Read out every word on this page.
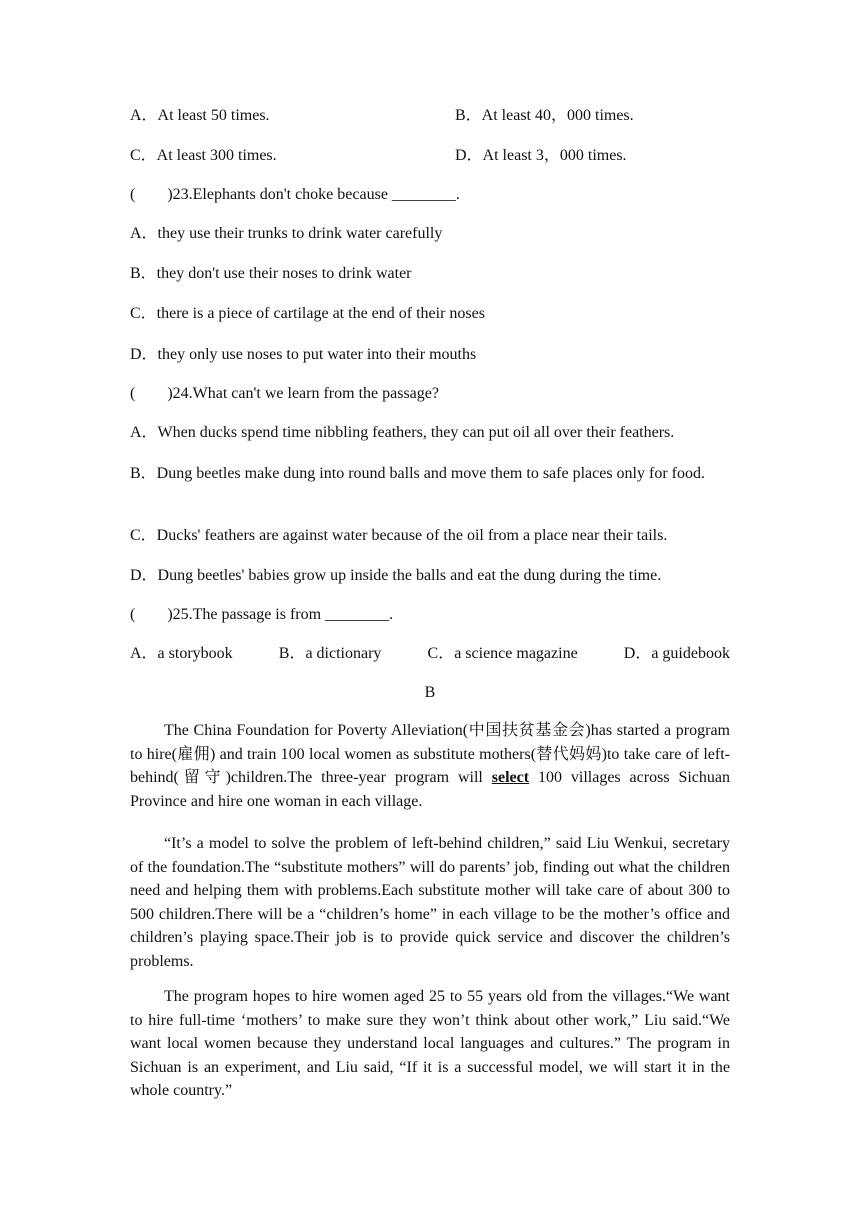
A．At least 50 times.	B．At least 40，000 times.
C．At least 300 times.	D．At least 3，000 times.
(　　)23.Elephants don't choke because ________.
A．they use their trunks to drink water carefully
B．they don't use their noses to drink water
C．there is a piece of cartilage at the end of their noses
D．they only use noses to put water into their mouths
(　　)24.What can't we learn from the passage?
A．When ducks spend time nibbling feathers, they can put oil all over their feathers.
B．Dung beetles make dung into round balls and move them to safe places only for food.
C．Ducks' feathers are against water because of the oil from a place near their tails.
D．Dung beetles' babies grow up inside the balls and eat the dung during the time.
(　　)25.The passage is from ________.
A．a storybook	B．a dictionary	C．a science magazine	D．a guidebook
B
The China Foundation for Poverty Alleviation(中国扶贫基金会)has started a program to hire(雇佣) and train 100 local women as substitute mothers(替代妈妈)to take care of left-behind(留守)children.The three-year program will select 100 villages across Sichuan Province and hire one woman in each village.
“It’s a model to solve the problem of left-behind children,” said Liu Wenkui, secretary of the foundation.The “substitute mothers” will do parents’ job, finding out what the children need and helping them with problems.Each substitute mother will take care of about 300 to 500 children.There will be a “children’s home” in each village to be the mother’s office and children’s playing space.Their job is to provide quick service and discover the children’s problems.
The program hopes to hire women aged 25 to 55 years old from the villages.“We want to hire full-time ‘mothers’ to make sure they won’t think about other work,” Liu said.“We want local women because they understand local languages and cultures.” The program in Sichuan is an experiment, and Liu said, “If it is a successful model, we will start it in the whole country.”
